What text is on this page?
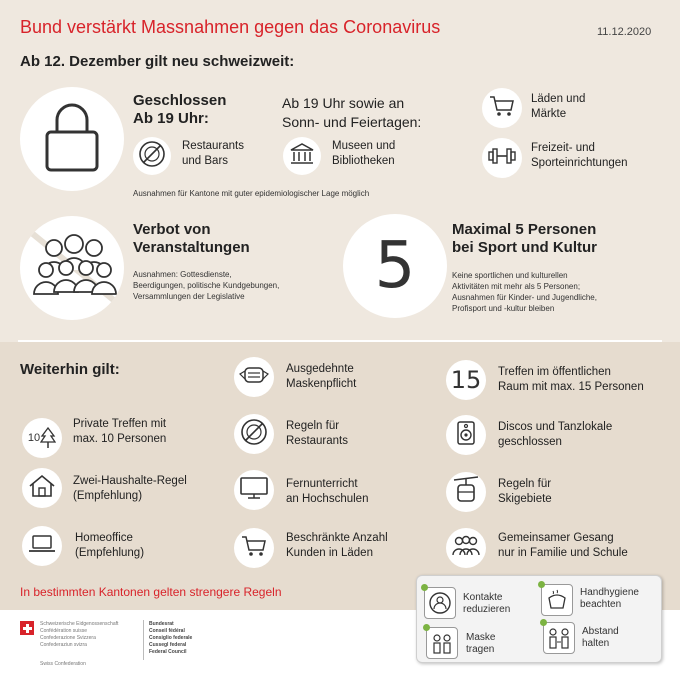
Bund verstärkt Massnahmen gegen das Coronavirus	11.12.2020
Ab 12. Dezember gilt neu schweizweit:
Geschlossen
Ab 19 Uhr:
Ab 19 Uhr sowie an
Sonn- und Feiertagen:
Restaurants
und Bars
Museen und
Bibliotheken
Läden und
Märkte
Freizeit- und
Sporteinrichtungen
Ausnahmen für Kantone mit guter epidemiologischer Lage möglich
Verbot von
Veranstaltungen
Ausnahmen: Gottesdienste,
Beerdigungen, politische Kundgebungen,
Versammlungen der Legislative	5 Maximal 5 Personen
bei Sport und Kultur
Keine sportlichen und kulturellen
Aktivitäten mit mehr als 5 Personen;
Ausnahmen für Kinder- und Jugendliche,
Profisport und -kultur bleiben
Weiterhin gilt:	Ausgedehnte
Maskenpflicht	15 Treffen im öffentlichen
Raum mit max. 15 Personen
10
Private Treffen mit
max. 10 Personen
Regeln für
Restaurants
Discos und Tanzlokale
geschlossen
Zwei-Haushalte-Regel
(Empfehlung)
Fernunterricht
an Hochschulen
Regeln für
Skigebiete
Homeoffice
(Empfehlung)
Beschränkte Anzahl
Kunden in Läden
Gemeinsamer Gesang
nur in Familie und Schule
In bestimmten Kantonen gelten strengere Regeln
Schweizerische Eidgenossenschaft
Confédération suisse
Confederazione Svizzera
Confederaziun svizra
Swiss Confederation
Bundesrat
Conseil fédéral
Consiglio federale
Cussegl federal
Federal Council
Kontakte
reduzieren
Handhygiene
beachten
Maske
tragen
Abstand
halten
